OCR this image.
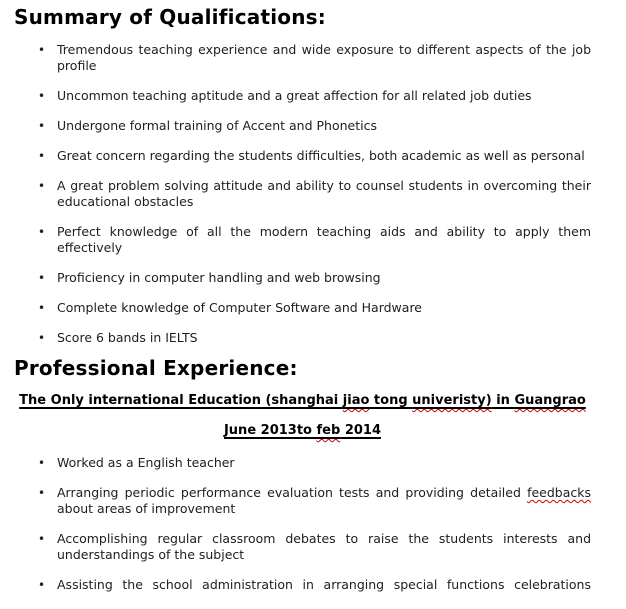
Summary of Qualifications:
• Tremendous teaching experience and wide exposure to different aspects of the job profile
• Uncommon teaching aptitude and a great affection for all related job duties
• Undergone formal training of Accent and Phonetics
• Great concern regarding the students difficulties, both academic as well as personal
• A great problem solving attitude and ability to counsel students in overcoming their educational obstacles
• Perfect knowledge of all the modern teaching aids and ability to apply them effectively
• Proficiency in computer handling and web browsing
• Complete knowledge of Computer Software and Hardware
• Score 6 bands in IELTS
Professional Experience:
The Only international Education (shanghai jiao tong univeristy) in Guangrao
June 2013to feb 2014
• Worked as a English teacher
• Arranging periodic performance evaluation tests and providing detailed feedbacks about areas of improvement
• Accomplishing regular classroom debates to raise the students interests and understandings of the subject
• Assisting the school administration in arranging special functions celebrations
